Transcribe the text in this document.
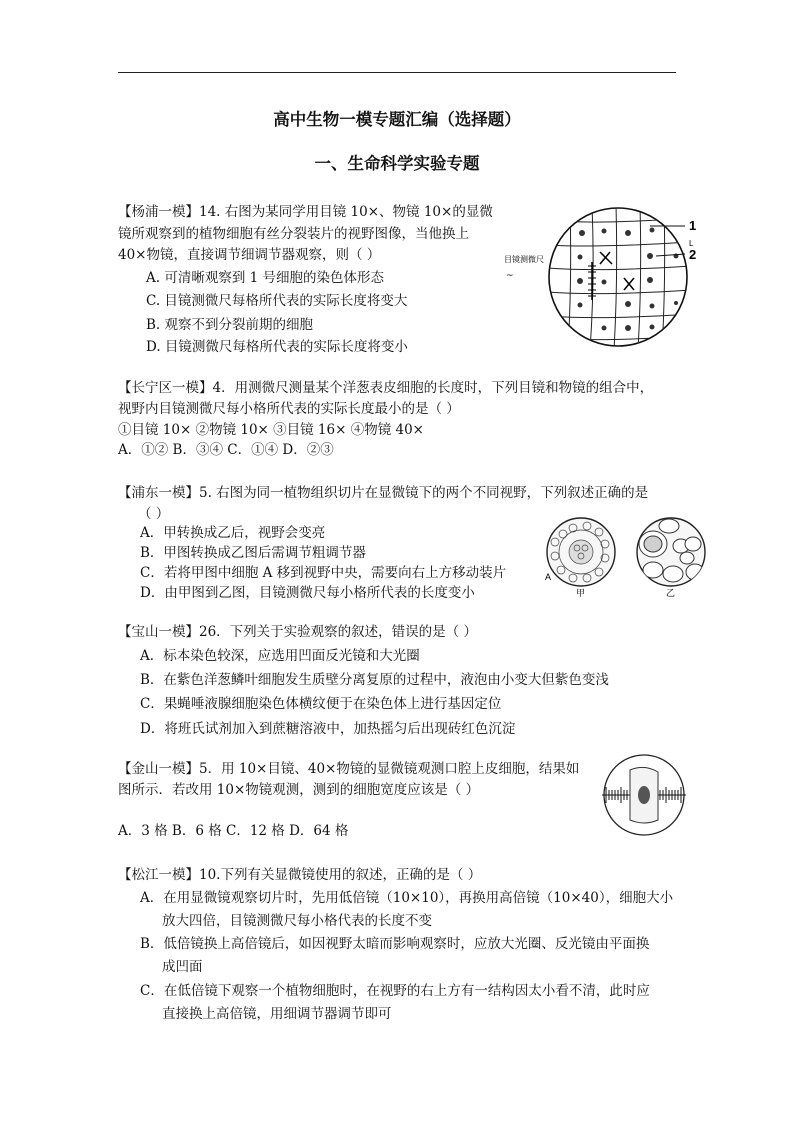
高中生物一模专题汇编（选择题）
一、生命科学实验专题
【杨浦一模】14. 右图为某同学用目镜 10×、物镜 10×的显微
镜所观察到的植物细胞有丝分裂装片的视野图像，当他换上
40×物镜，直接调节细调节器观察，则（ ）
A. 可清晰观察到 1 号细胞的染色体形态
C. 目镜测微尺每格所代表的实际长度将变大
B. 观察不到分裂前期的细胞
D. 目镜测微尺每格所代表的实际长度将变小
1
L
2
目镜测微尺
~
【长宁区一模】4．用测微尺测量某个洋葱表皮细胞的长度时，下列目镜和物镜的组合中，
视野内目镜测微尺每小格所代表的实际长度最小的是（ ）
①目镜 10× ②物镜 10× ③目镜 16× ④物镜 40×
A．①② B．③④ C．①④ D．②③
【浦东一模】5. 右图为同一植物组织切片在显微镜下的两个不同视野，下列叙述正确的是
（ ）
A．甲转换成乙后，视野会变亮
B．甲图转换成乙图后需调节粗调节器
C．若将甲图中细胞 A 移到视野中央，需要向右上方移动装片
D．由甲图到乙图，目镜测微尺每小格所代表的长度变小
A
甲	乙
【宝山一模】26．下列关于实验观察的叙述，错误的是（ ）
A．标本染色较深，应选用凹面反光镜和大光圈
B．在紫色洋葱鳞叶细胞发生质壁分离复原的过程中，液泡由小变大但紫色变浅
C．果蝇唾液腺细胞染色体横纹便于在染色体上进行基因定位
D．将班氏试剂加入到蔗糖溶液中，加热摇匀后出现砖红色沉淀
【金山一模】5．用 10×目镜、40×物镜的显微镜观测口腔上皮细胞，结果如
图所示．若改用 10×物镜观测，测到的细胞宽度应该是（ ）
A．3 格 B．6 格 C．12 格 D．64 格
【松江一模】10.下列有关显微镜使用的叙述，正确的是（ ）
A．在用显微镜观察切片时，先用低倍镜（10×10），再换用高倍镜（10×40），细胞大小
放大四倍，目镜测微尺每小格代表的长度不变
B．低倍镜换上高倍镜后，如因视野太暗而影响观察时，应放大光圈、反光镜由平面换
成凹面
C．在低倍镜下观察一个植物细胞时，在视野的右上方有一结构因太小看不清，此时应
直接换上高倍镜，用细调节器调节即可
